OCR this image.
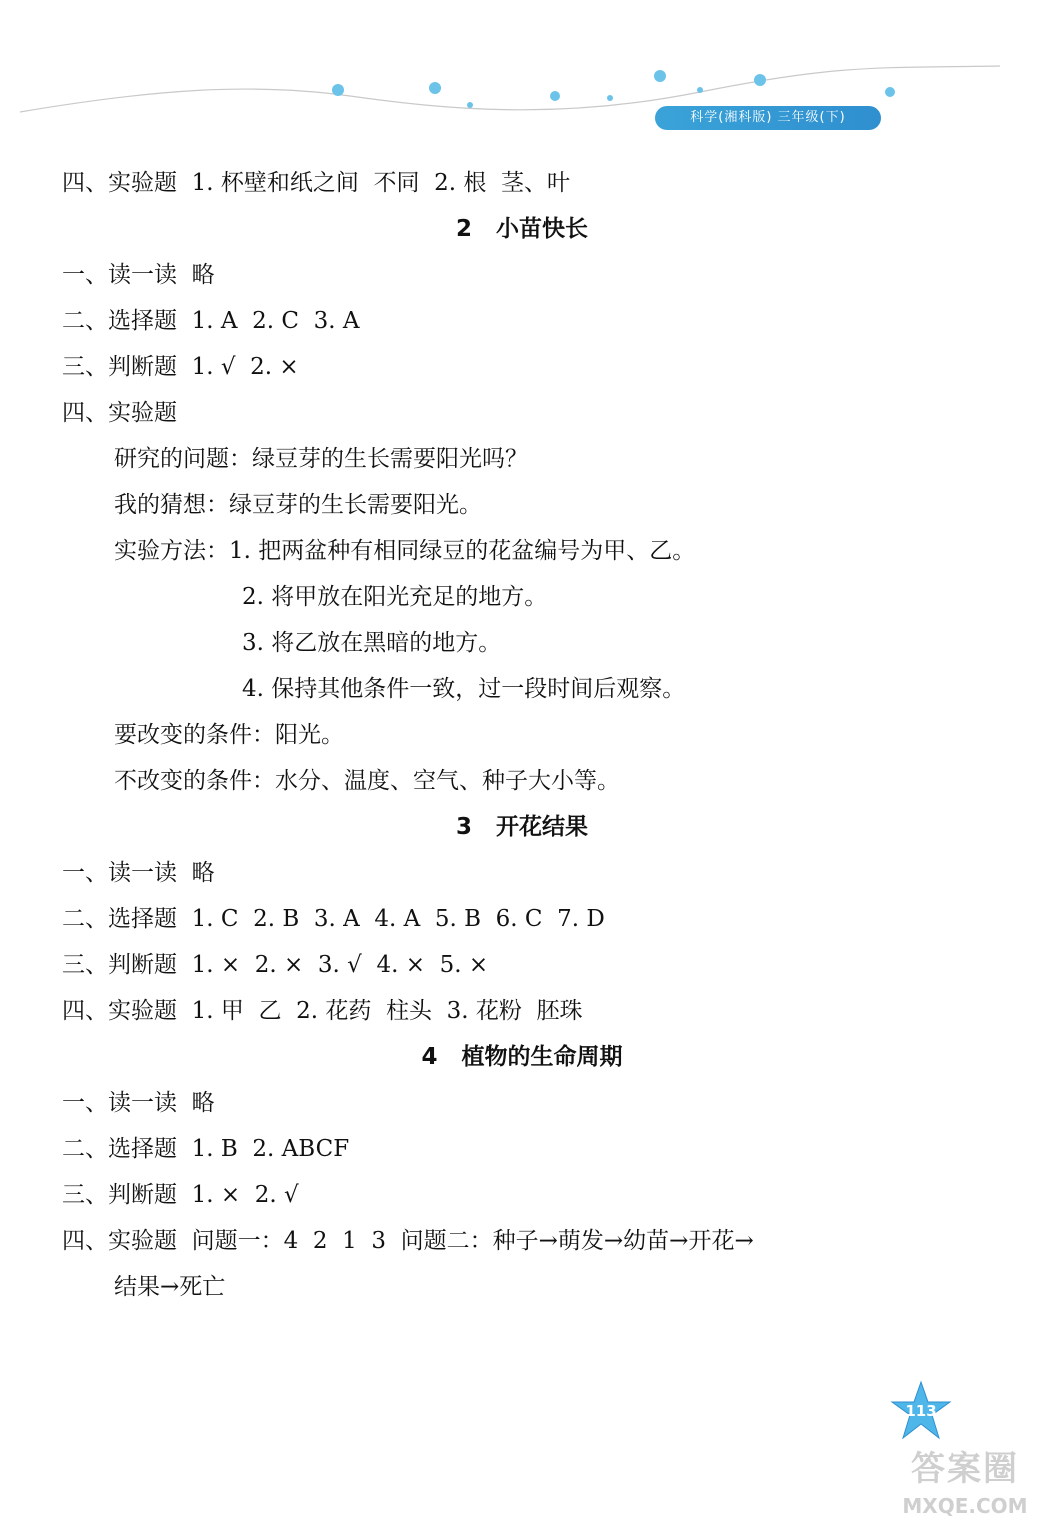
科学(湘科版) 三年级(下)
四、实验题  1. 杯壁和纸之间  不同  2. 根  茎、叶
2   小苗快长
一、读一读  略
二、选择题  1. A  2. C  3. A
三、判断题  1. √  2. ×
四、实验题
研究的问题：绿豆芽的生长需要阳光吗？
我的猜想：绿豆芽的生长需要阳光。
实验方法：1. 把两盆种有相同绿豆的花盆编号为甲、乙。
2. 将甲放在阳光充足的地方。
3. 将乙放在黑暗的地方。
4. 保持其他条件一致，过一段时间后观察。
要改变的条件：阳光。
不改变的条件：水分、温度、空气、种子大小等。
3   开花结果
一、读一读  略
二、选择题  1. C  2. B  3. A  4. A  5. B  6. C  7. D
三、判断题  1. ×  2. ×  3. √  4. ×  5. ×
四、实验题  1. 甲  乙  2. 花药  柱头  3. 花粉  胚珠
4   植物的生命周期
一、读一读  略
二、选择题  1. B  2. ABCF
三、判断题  1. ×  2. √
四、实验题  问题一：4  2  1  3  问题二：种子→萌发→幼苗→开花→
结果→死亡
113
答案圈
MXQE.COM
